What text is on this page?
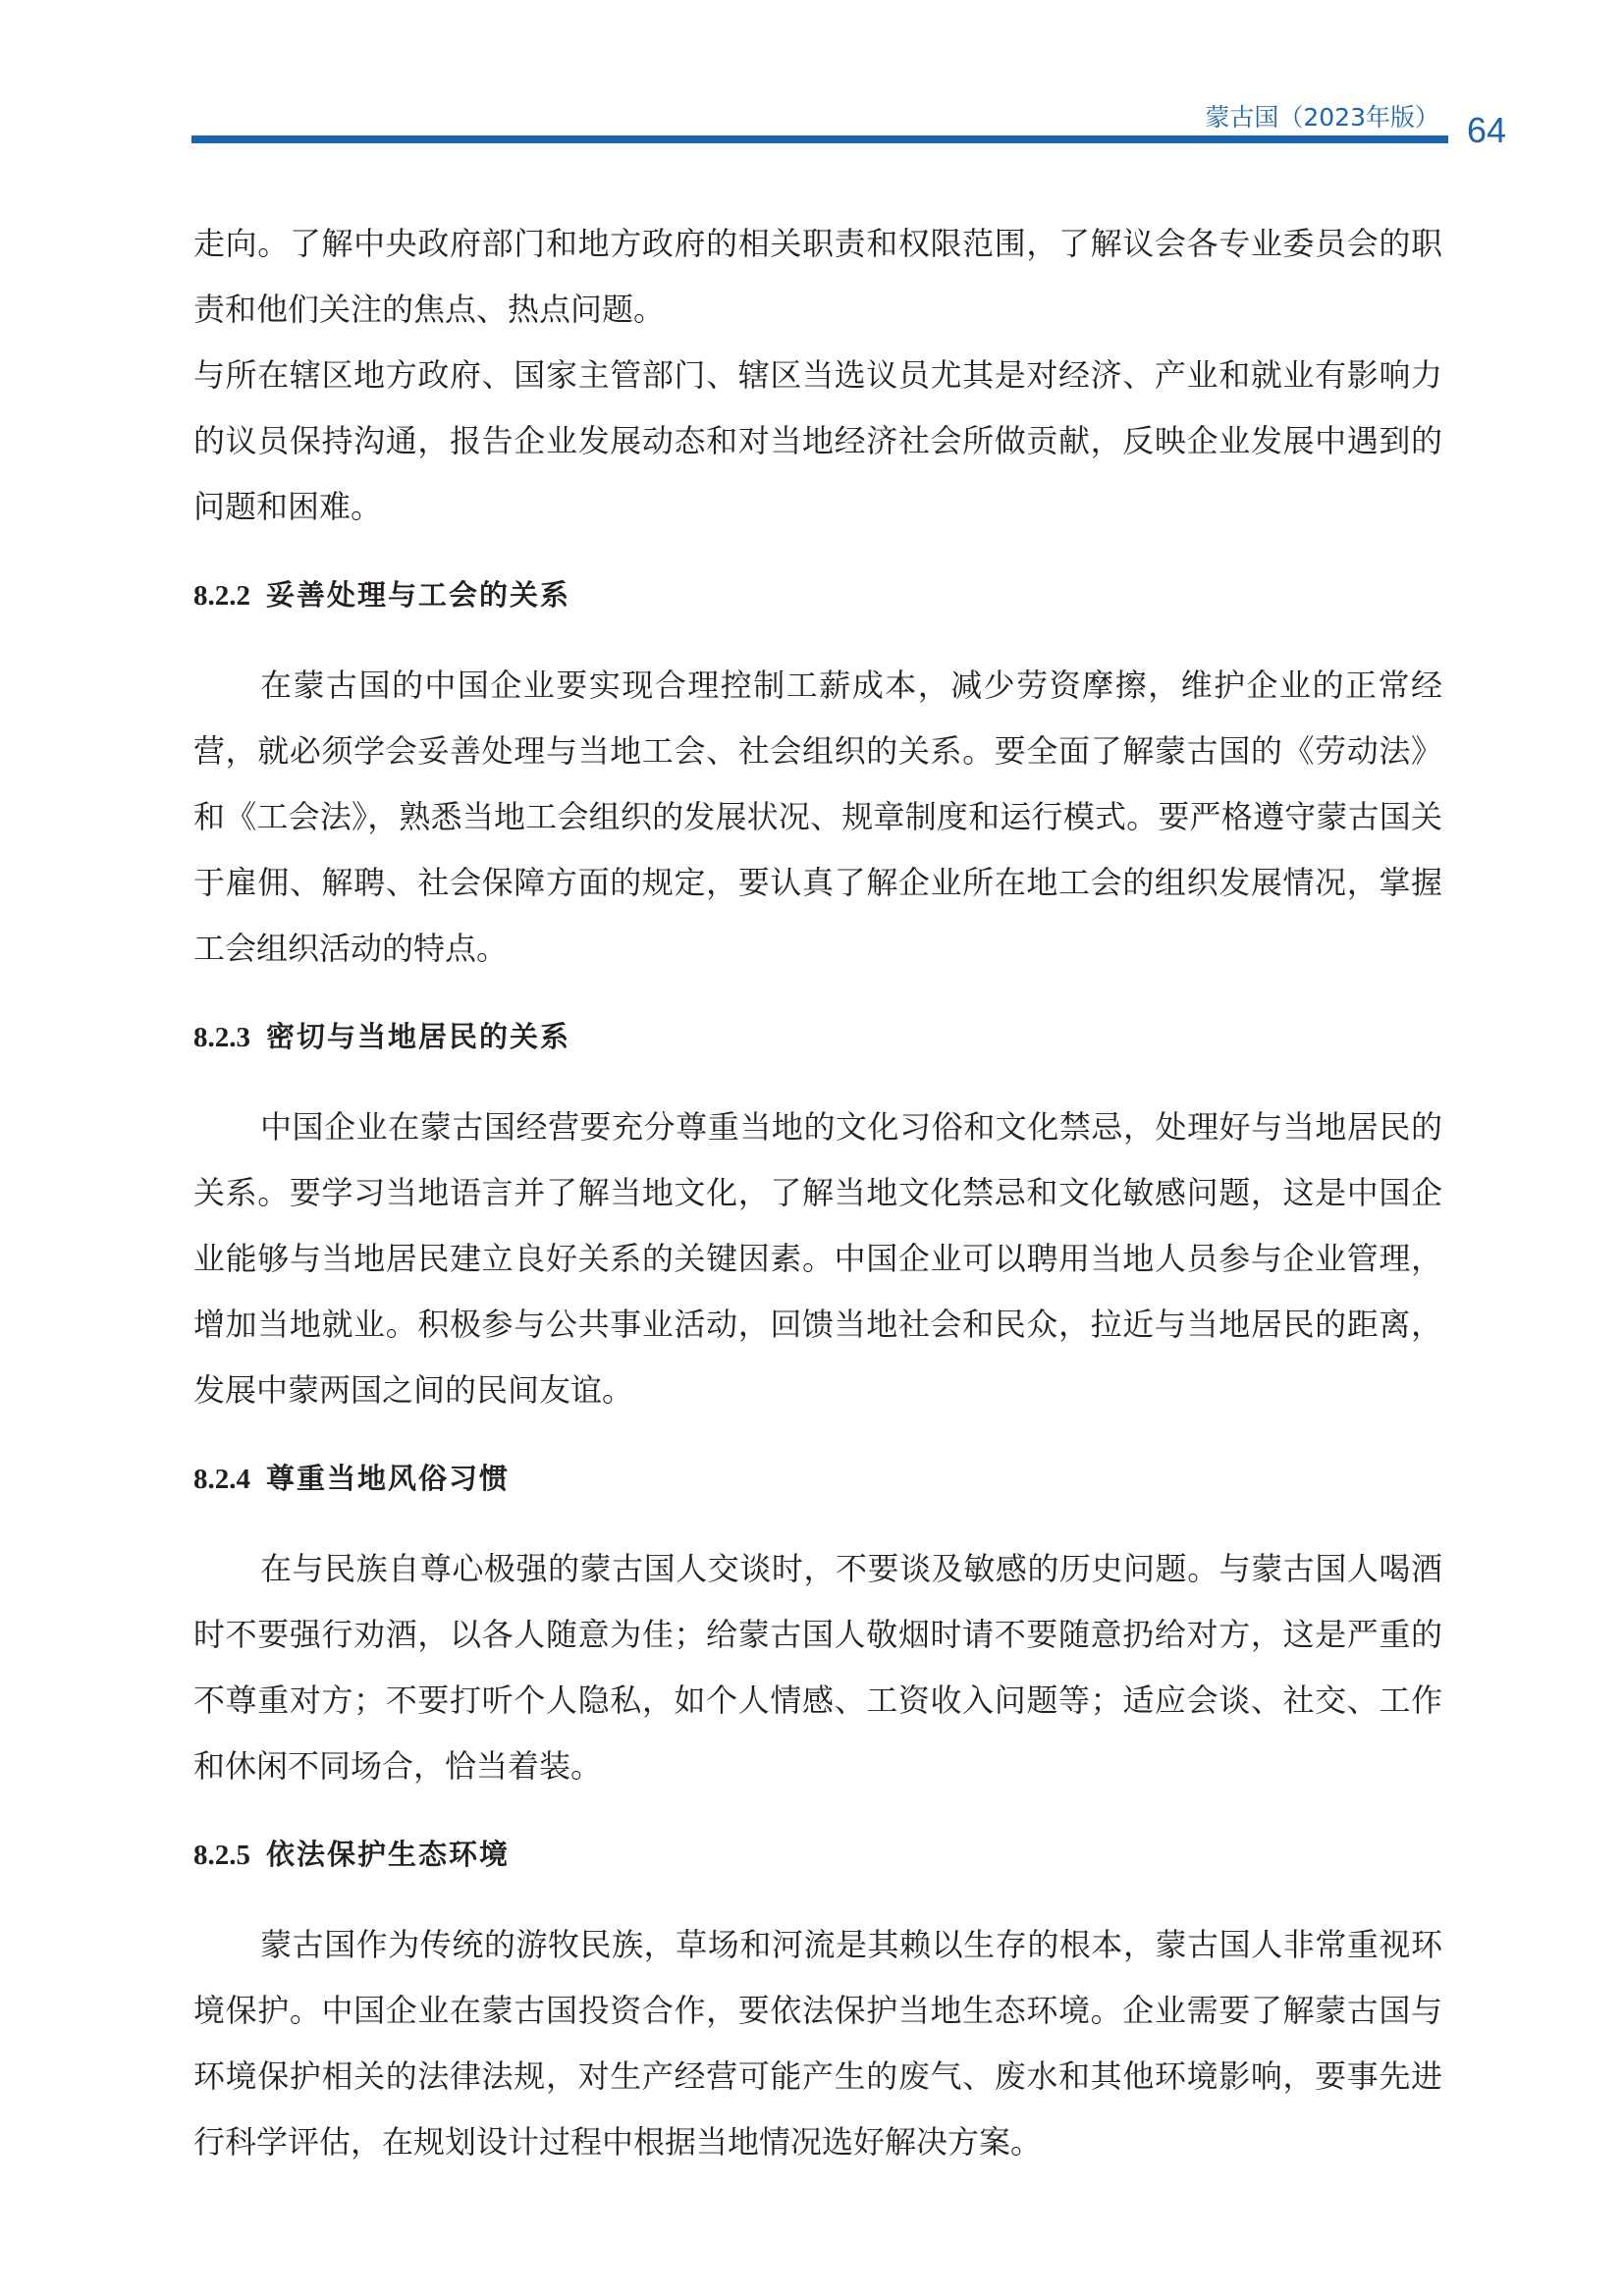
蒙古国（2023年版） 64

走向。了解中央政府部门和地方政府的相关职责和权限范围，了解议会各专业委员会的职责和他们关注的焦点、热点问题。

与所在辖区地方政府、国家主管部门、辖区当选议员尤其是对经济、产业和就业有影响力的议员保持沟通，报告企业发展动态和对当地经济社会所做贡献，反映企业发展中遇到的问题和困难。

8.2.2 妥善处理与工会的关系

在蒙古国的中国企业要实现合理控制工薪成本，减少劳资摩擦，维护企业的正常经营，就必须学会妥善处理与当地工会、社会组织的关系。要全面了解蒙古国的《劳动法》和《工会法》，熟悉当地工会组织的发展状况、规章制度和运行模式。要严格遵守蒙古国关于雇佣、解聘、社会保障方面的规定，要认真了解企业所在地工会的组织发展情况，掌握工会组织活动的特点。

8.2.3 密切与当地居民的关系

中国企业在蒙古国经营要充分尊重当地的文化习俗和文化禁忌，处理好与当地居民的关系。要学习当地语言并了解当地文化，了解当地文化禁忌和文化敏感问题，这是中国企业能够与当地居民建立良好关系的关键因素。中国企业可以聘用当地人员参与企业管理，增加当地就业。积极参与公共事业活动，回馈当地社会和民众，拉近与当地居民的距离，发展中蒙两国之间的民间友谊。

8.2.4 尊重当地风俗习惯

在与民族自尊心极强的蒙古国人交谈时，不要谈及敏感的历史问题。与蒙古国人喝酒时不要强行劝酒，以各人随意为佳；给蒙古国人敬烟时请不要随意扔给对方，这是严重的不尊重对方；不要打听个人隐私，如个人情感、工资收入问题等；适应会谈、社交、工作和休闲不同场合，恰当着装。

8.2.5 依法保护生态环境

蒙古国作为传统的游牧民族，草场和河流是其赖以生存的根本，蒙古国人非常重视环境保护。中国企业在蒙古国投资合作，要依法保护当地生态环境。企业需要了解蒙古国与环境保护相关的法律法规，对生产经营可能产生的废气、废水和其他环境影响，要事先进行科学评估，在规划设计过程中根据当地情况选好解决方案。
